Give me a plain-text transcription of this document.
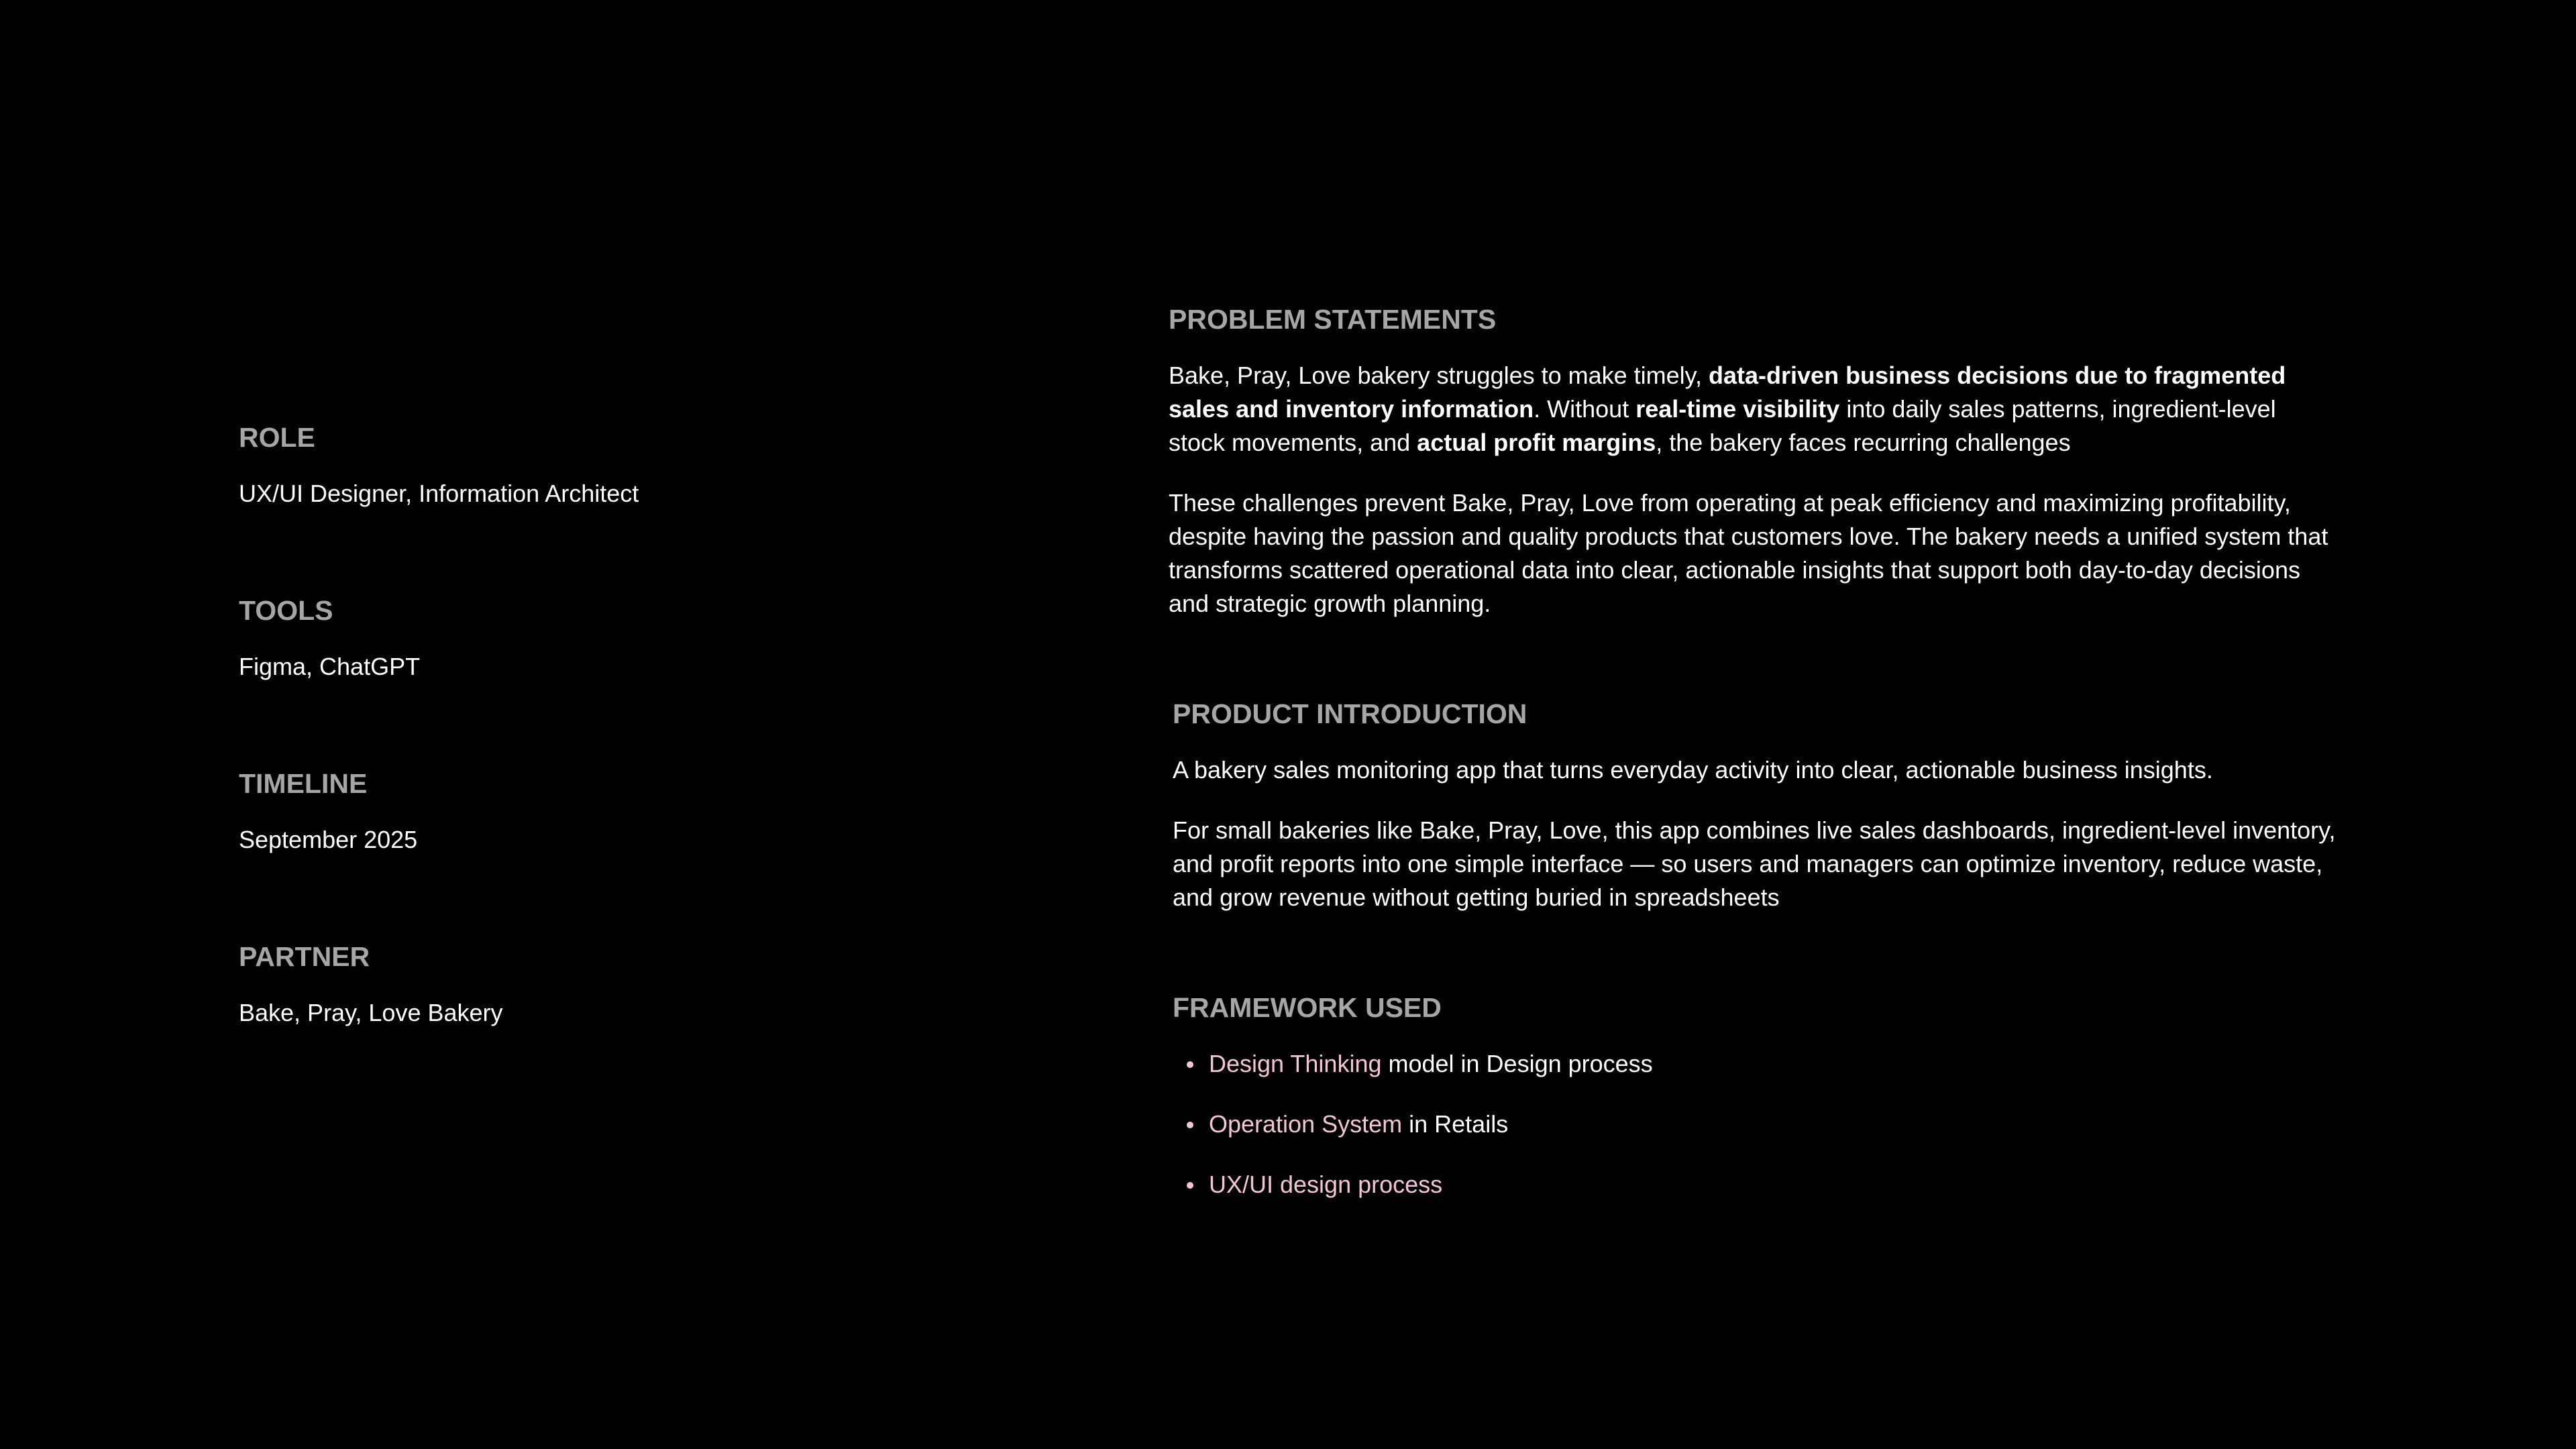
ROLE

UX/UI Designer, Information Architect

TOOLS

Figma, ChatGPT

TIMELINE

September 2025

PARTNER

Bake, Pray, Love Bakery

PROBLEM STATEMENTS

Bake, Pray, Love bakery struggles to make timely, data-driven business decisions due to fragmented sales and inventory information. Without real-time visibility into daily sales patterns, ingredient-level stock movements, and actual profit margins, the bakery faces recurring challenges

These challenges prevent Bake, Pray, Love from operating at peak efficiency and maximizing profitability, despite having the passion and quality products that customers love. The bakery needs a unified system that transforms scattered operational data into clear, actionable insights that support both day-to-day decisions and strategic growth planning.

PRODUCT INTRODUCTION

A bakery sales monitoring app that turns everyday activity into clear, actionable business insights.

For small bakeries like Bake, Pray, Love, this app combines live sales dashboards, ingredient-level inventory, and profit reports into one simple interface — so users and managers can optimize inventory, reduce waste, and grow revenue without getting buried in spreadsheets

FRAMEWORK USED

Design Thinking model in Design process
Operation System in Retails
UX/UI design process
